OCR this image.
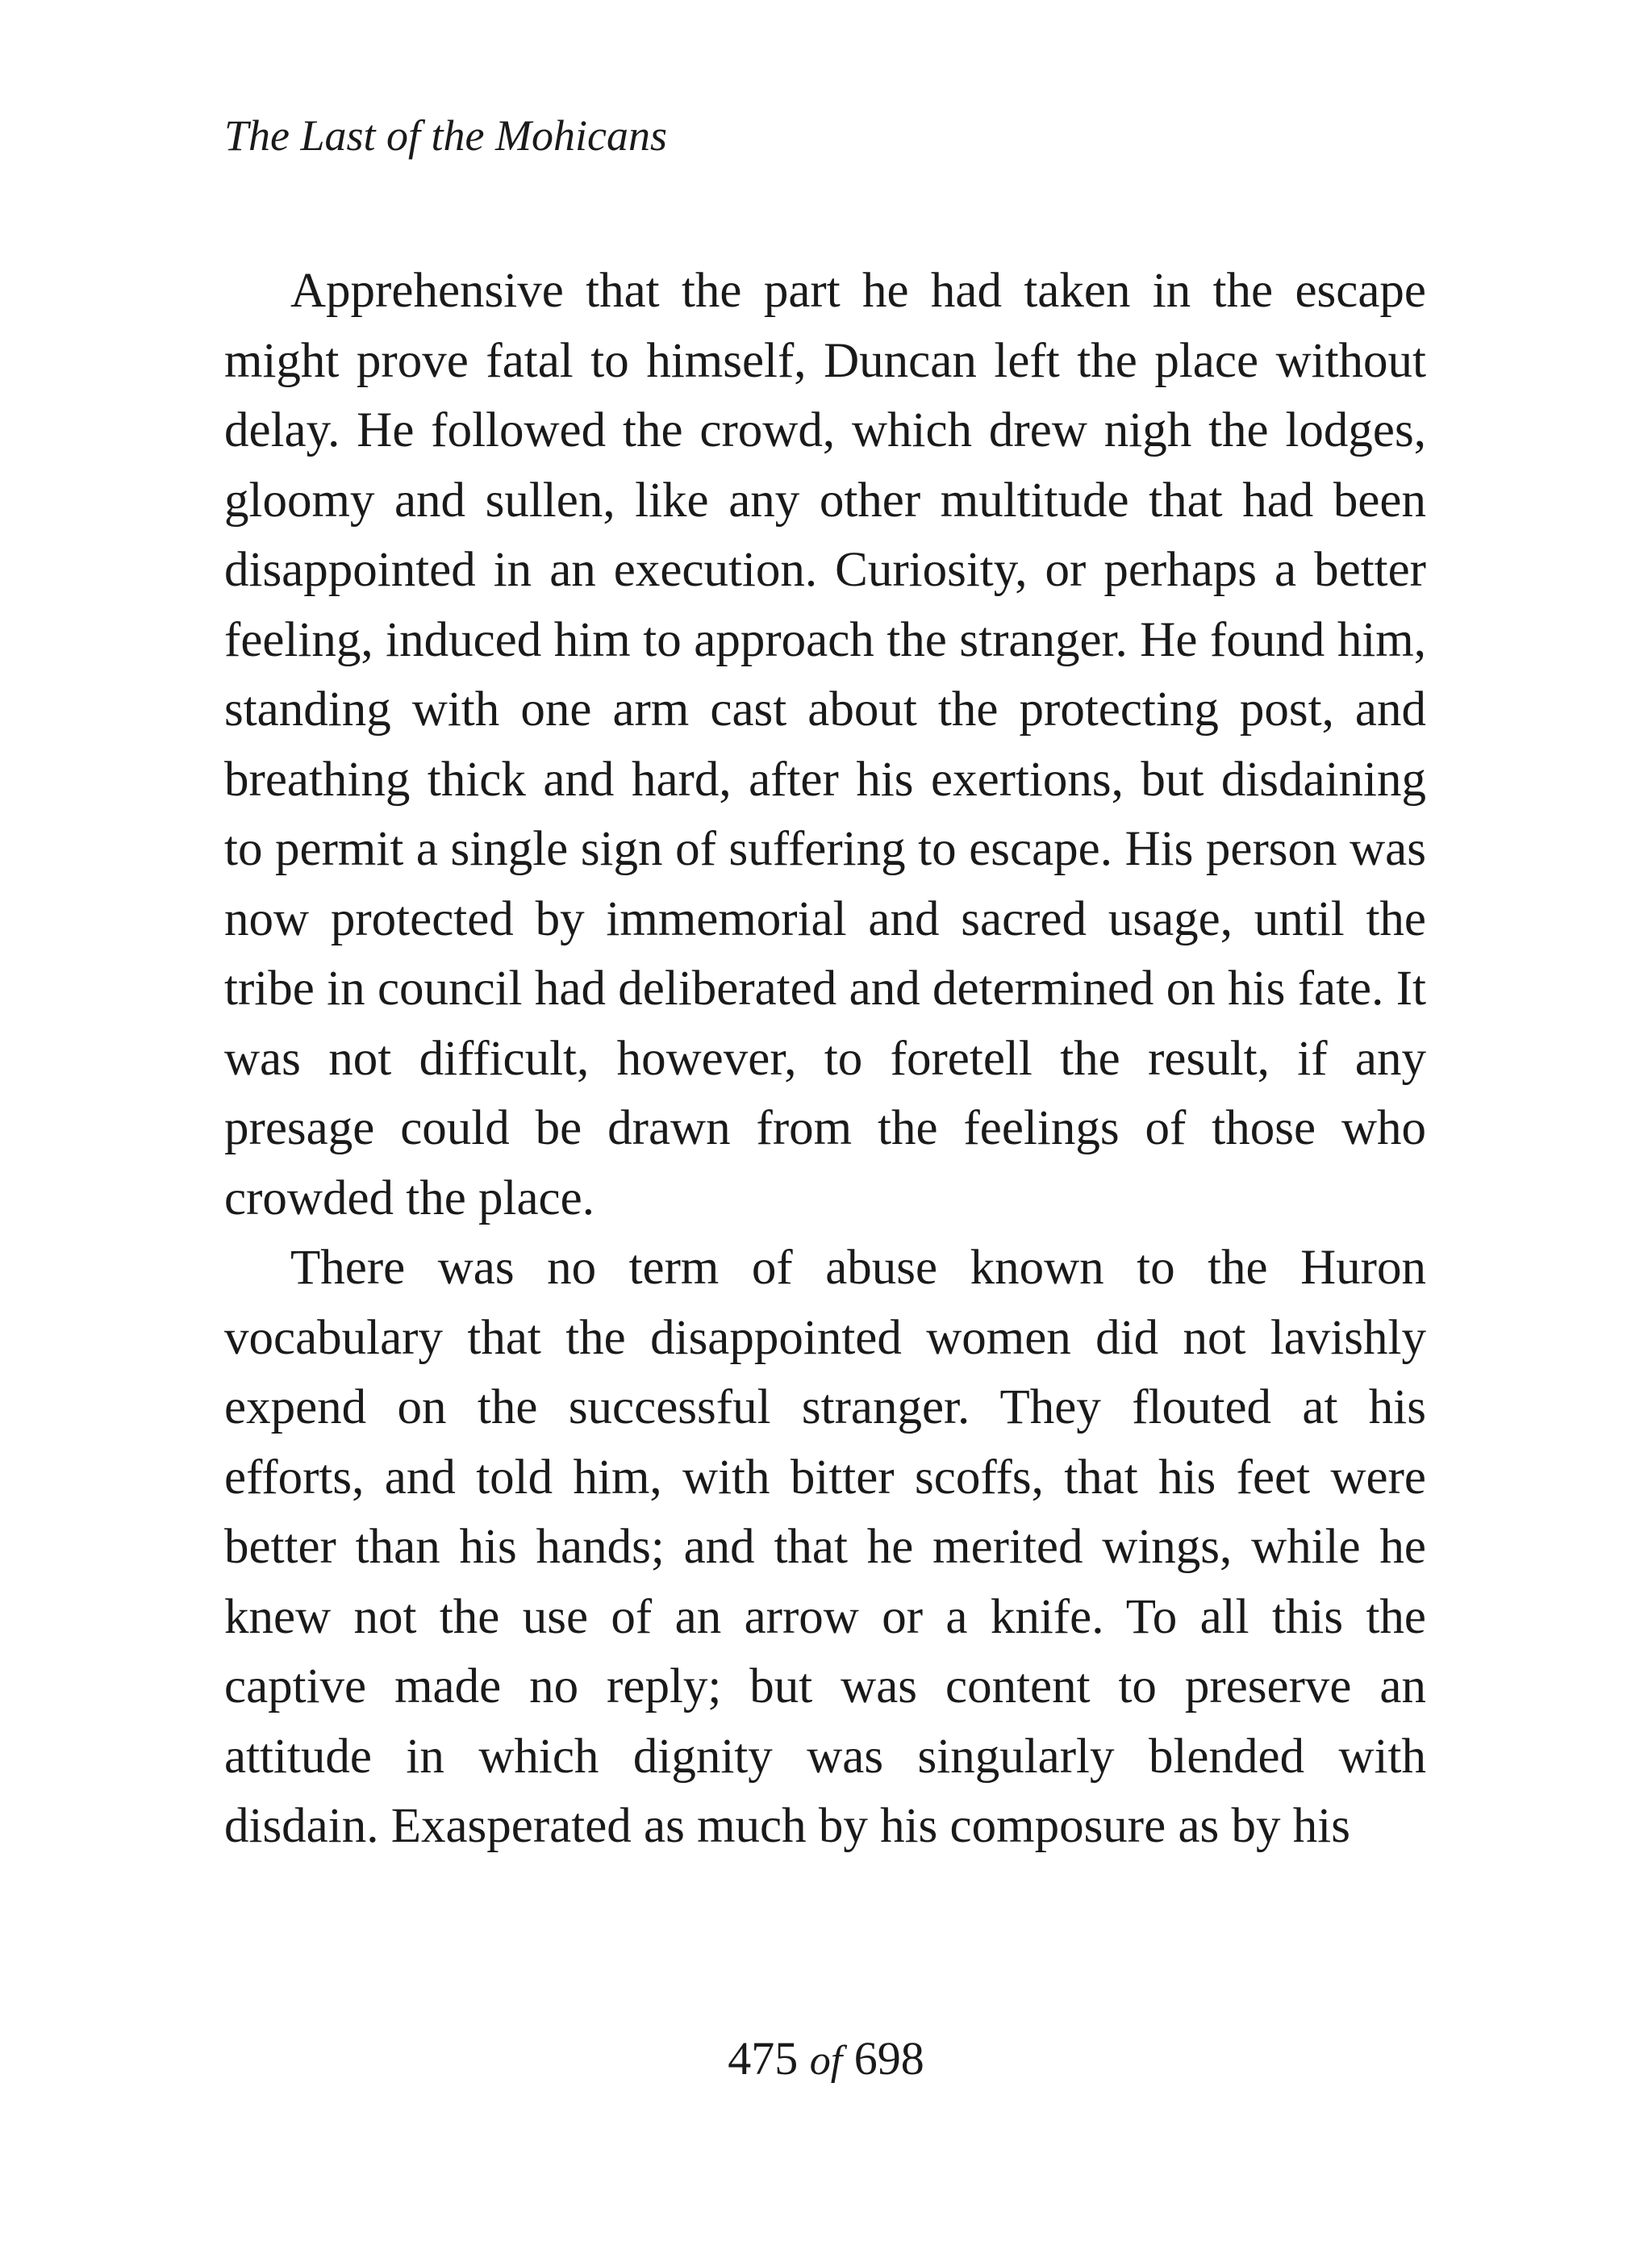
The Last of the Mohicans

Apprehensive that the part he had taken in the escape might prove fatal to himself, Duncan left the place without delay. He followed the crowd, which drew nigh the lodges, gloomy and sullen, like any other multitude that had been disappointed in an execution. Curiosity, or perhaps a better feeling, induced him to approach the stranger. He found him, standing with one arm cast about the protecting post, and breathing thick and hard, after his exertions, but disdaining to permit a single sign of suffering to escape. His person was now protected by immemorial and sacred usage, until the tribe in council had deliberated and determined on his fate. It was not difficult, however, to foretell the result, if any presage could be drawn from the feelings of those who crowded the place.

There was no term of abuse known to the Huron vocabulary that the disappointed women did not lavishly expend on the successful stranger. They flouted at his efforts, and told him, with bitter scoffs, that his feet were better than his hands; and that he merited wings, while he knew not the use of an arrow or a knife. To all this the captive made no reply; but was content to preserve an attitude in which dignity was singularly blended with disdain. Exasperated as much by his composure as by his

475 of 698
